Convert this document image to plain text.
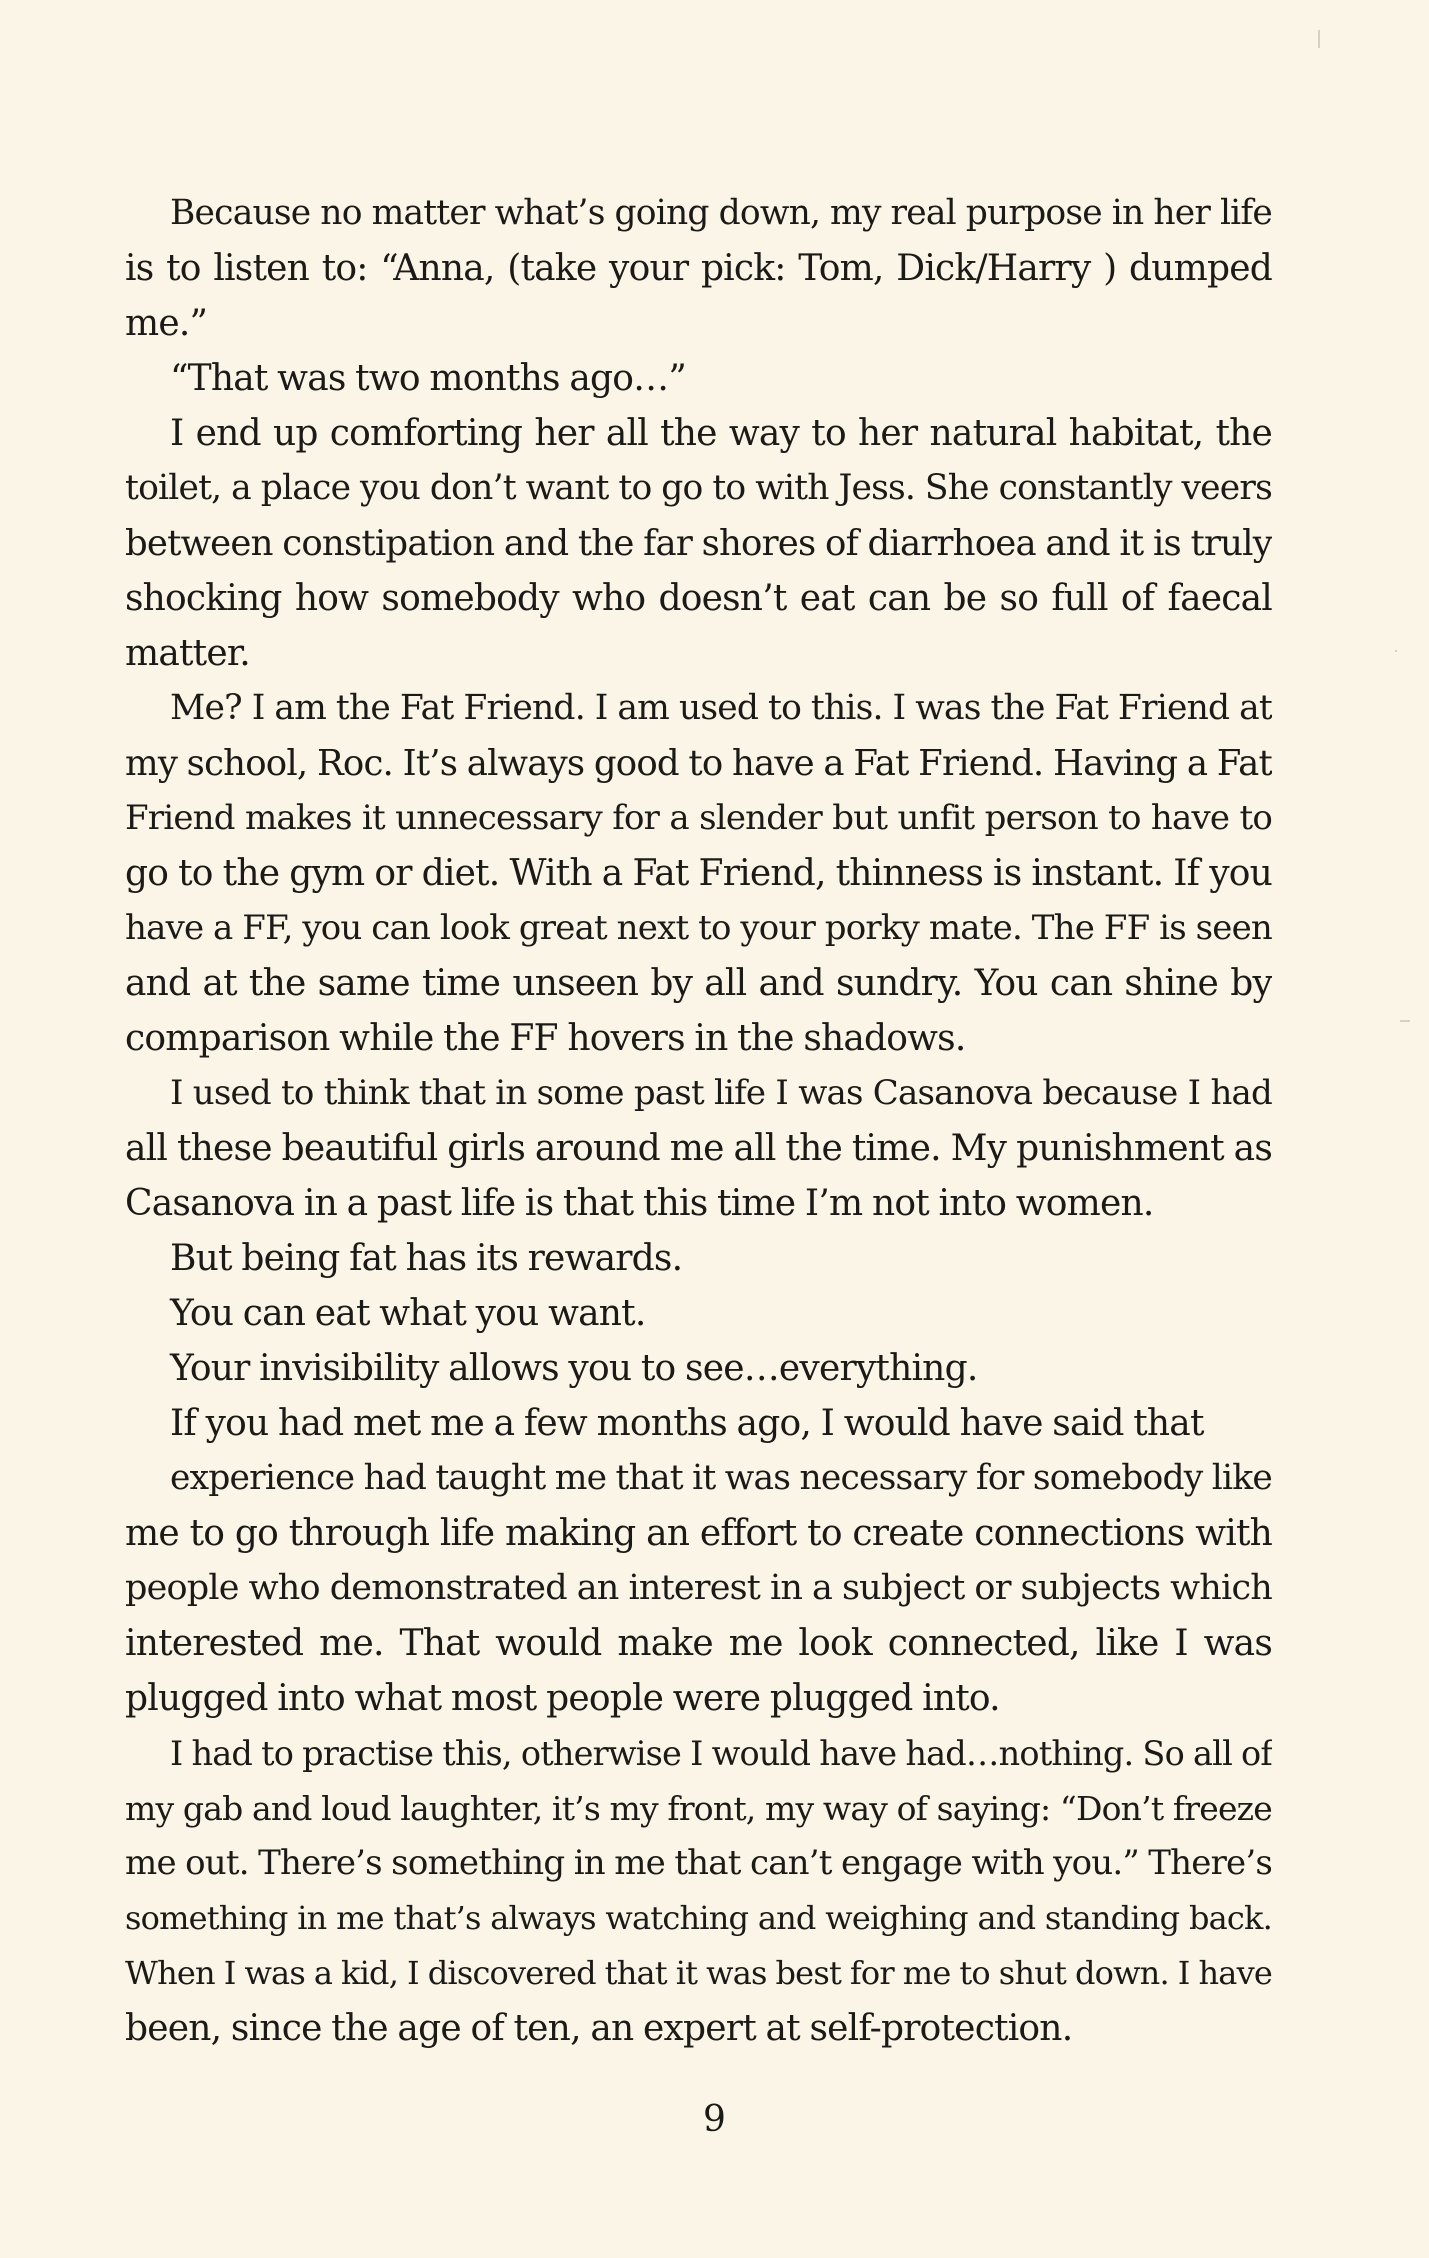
Because no matter what’s going down, my real purpose in her life
is to listen to: “Anna, (take your pick: Tom, Dick/Harry ) dumped
me.”
“That was two months ago…”
I end up comforting her all the way to her natural habitat, the
toilet, a place you don’t want to go to with Jess. She constantly veers
between constipation and the far shores of diarrhoea and it is truly
shocking how somebody who doesn’t eat can be so full of faecal
matter.
Me? I am the Fat Friend. I am used to this. I was the Fat Friend at
my school, Roc. It’s always good to have a Fat Friend. Having a Fat
Friend makes it unnecessary for a slender but unfit person to have to
go to the gym or diet. With a Fat Friend, thinness is instant. If you
have a FF, you can look great next to your porky mate. The FF is seen
and at the same time unseen by all and sundry. You can shine by
comparison while the FF hovers in the shadows.
I used to think that in some past life I was Casanova because I had
all these beautiful girls around me all the time. My punishment as
Casanova in a past life is that this time I’m not into women.
But being fat has its rewards.
You can eat what you want.
Your invisibility allows you to see…everything.
If you had met me a few months ago, I would have said that
experience had taught me that it was necessary for somebody like
me to go through life making an effort to create connections with
people who demonstrated an interest in a subject or subjects which
interested me. That would make me look connected, like I was
plugged into what most people were plugged into.
I had to practise this, otherwise I would have had…nothing. So all of
my gab and loud laughter, it’s my front, my way of saying: “Don’t freeze
me out. There’s something in me that can’t engage with you.” There’s
something in me that’s always watching and weighing and standing back.
When I was a kid, I discovered that it was best for me to shut down. I have
been, since the age of ten, an expert at self-protection.
9
